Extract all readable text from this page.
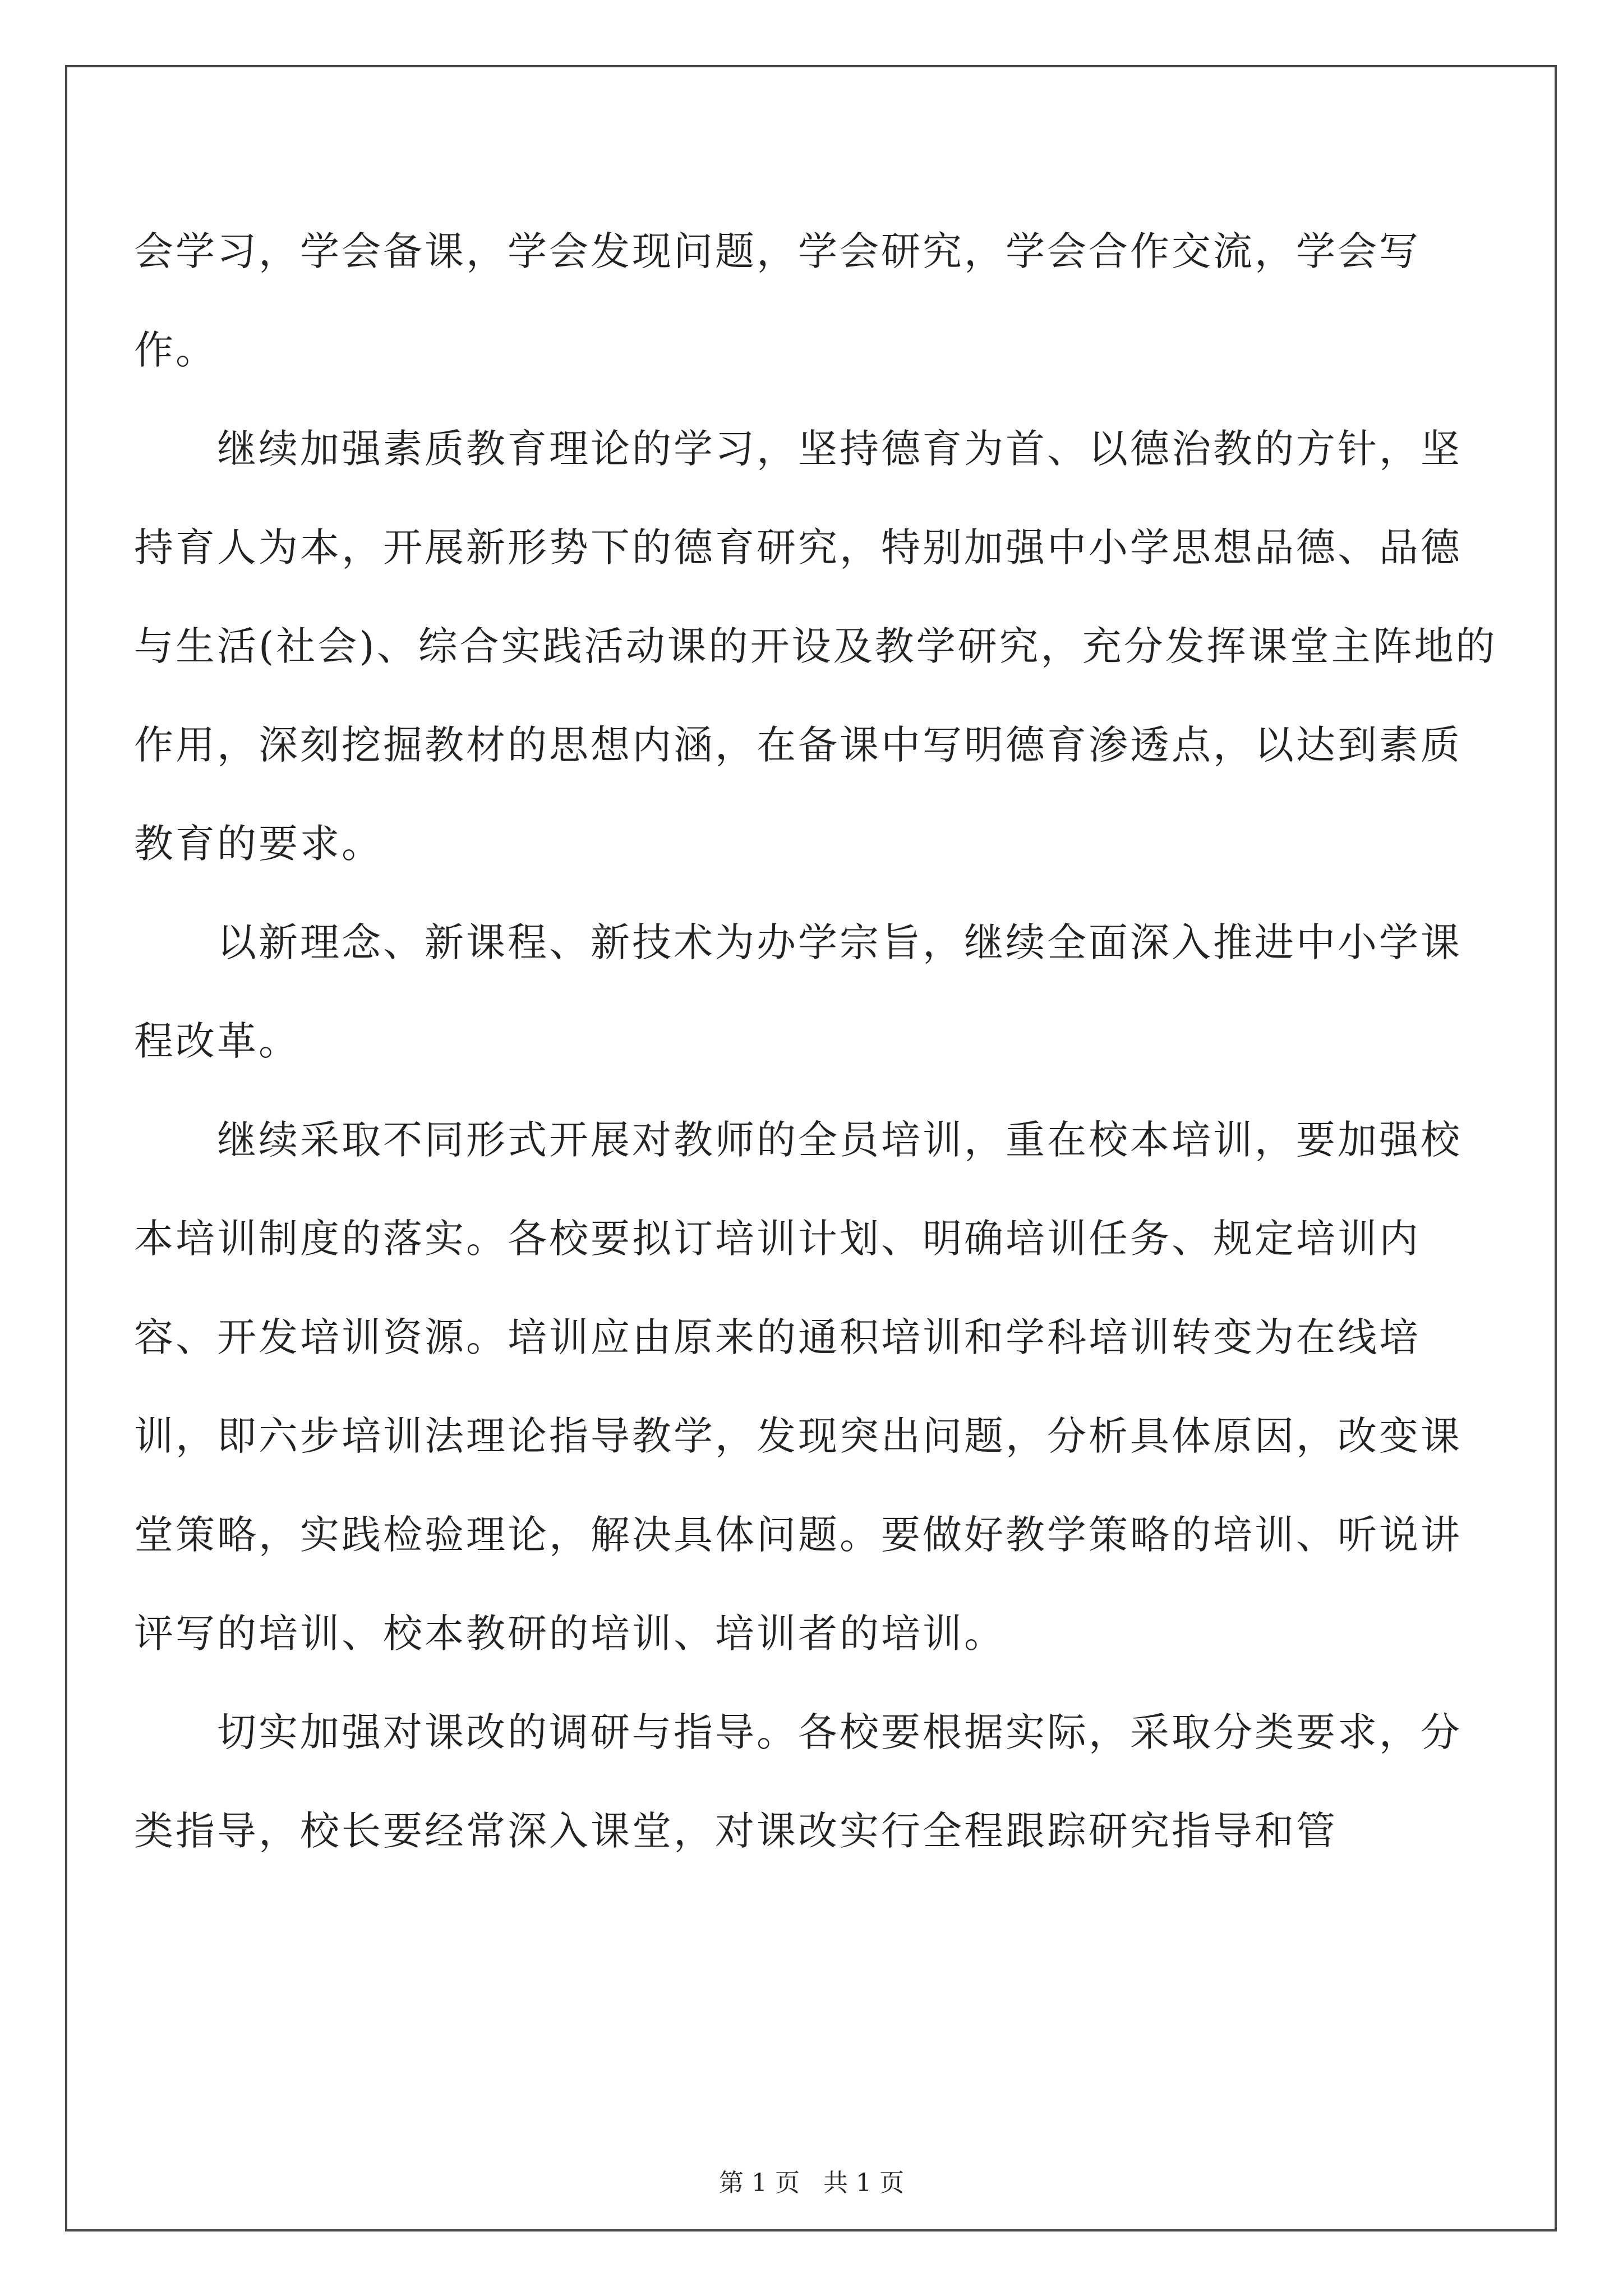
会学习，学会备课，学会发现问题，学会研究，学会合作交流，学会写作。

继续加强素质教育理论的学习，坚持德育为首、以德治教的方针，坚持育人为本，开展新形势下的德育研究，特别加强中小学思想品德、品德与生活(社会)、综合实践活动课的开设及教学研究，充分发挥课堂主阵地的作用，深刻挖掘教材的思想内涵，在备课中写明德育渗透点，以达到素质教育的要求。

以新理念、新课程、新技术为办学宗旨，继续全面深入推进中小学课程改革。

继续采取不同形式开展对教师的全员培训，重在校本培训，要加强校本培训制度的落实。各校要拟订培训计划、明确培训任务、规定培训内容、开发培训资源。培训应由原来的通积培训和学科培训转变为在线培训，即六步培训法理论指导教学，发现突出问题，分析具体原因，改变课堂策略，实践检验理论，解决具体问题。要做好教学策略的培训、听说讲评写的培训、校本教研的培训、培训者的培训。

切实加强对课改的调研与指导。各校要根据实际，采取分类要求，分类指导，校长要经常深入课堂，对课改实行全程跟踪研究指导和管

第 1 页   共 1 页
